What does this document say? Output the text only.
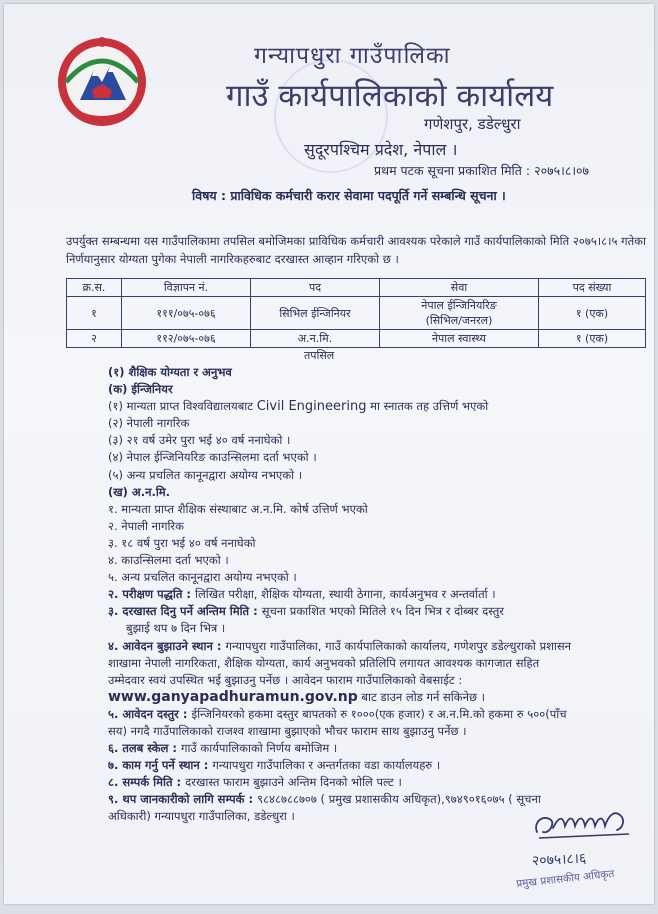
गन्यापधुरा गाउँपालिका
गाउँ कार्यपालिकाको कार्यालय
गणेशपुर, डडेल्धुरा
सुदूरपश्चिम प्रदेश, नेपाल ।
प्रथम पटक सूचना प्रकाशित मिति : २०७५।८।०७
विषय : प्राविधिक कर्मचारी करार सेवामा पदपूर्ति गर्ने सम्बन्धि सूचना ।
उपर्युक्त सम्बन्धमा यस गाउँपालिकामा तपसिल बमोजिमका प्राविधिक कर्मचारी आवश्यक परेकाले गाउँ कार्यपालिकाको मिति २०७५।८।५ गतेका निर्णयानुसार योग्यता पुगेका नेपाली नागरिकहरुबाट दरखास्त आव्हान गरिएको छ ।
क्र.स.	विज्ञापन नं.	पद	सेवा	पद संख्या
१	१११/०७५-०७६	सिभिल ईन्जिनियर	नेपाल ईन्जिनियरिङ
(सिभिल/जनरल)	१ (एक)
२	११२/०७५-०७६	अ.न.मि.	नेपाल स्वास्थ्य	१ (एक)
तपसिल
(१) शैक्षिक योग्यता र अनुभव
(क) ईन्जिनियर
(१) मान्यता प्राप्त विश्वविद्यालयबाट Civil Engineering मा स्नातक तह उत्तिर्ण भएको
(२) नेपाली नागरिक
(३) २१ वर्ष उमेर पुरा भई ४० वर्ष ननाघेको ।
(४) नेपाल ईन्जिनियरिङ काउन्सिलमा दर्ता भएको ।
(५) अन्य प्रचलित कानूनद्वारा अयोग्य नभएको ।
(ख) अ.न.मि.
१. मान्यता प्राप्त शैक्षिक संस्थाबाट अ.न.मि. कोर्ष उत्तिर्ण भएको
२. नेपाली नागरिक
३. १८ वर्ष पुरा भई ४० वर्ष ननाघेको
४. काउन्सिलमा दर्ता भएको ।
५. अन्य प्रचलित कानूनद्वारा अयोग्य नभएको ।
२. परीक्षण पद्धति : लिखित परीक्षा, शैक्षिक योग्यता, स्थायी ठेगाना, कार्यअनुभव र अन्तर्वार्ता ।
३. दरखास्त दिनु पर्ने अन्तिम मिति : सूचना प्रकाशित भएको मितिले १५ दिन भित्र र दोब्बर दस्तुर
बुझाई थप ७ दिन भित्र ।
४. आवेदन बुझाउने स्थान : गन्यापधुरा गाउँपालिका, गाउँ कार्यपालिकाको कार्यालय, गणेशपुर डडेल्धुराको प्रशासन
शाखामा नेपाली नागरिकता, शैक्षिक योग्यता, कार्य अनुभवको प्रतिलिपि लगायत आवश्यक कागजात सहित
उम्मेदवार स्वयं उपस्थित भई बुझाउनु पर्नेछ । आवेदन फाराम गाउँपालिकाको वेबसाईट :
www.ganyapadhuramun.gov.np बाट डाउन लोड गर्न सकिनेछ ।
५. आवेदन दस्तुर : ईन्जिनियरको हकमा दस्तुर बापतको रु १०००(एक हजार) र अ.न.मि.को हकमा रु ५००(पाँच
सय) नगदै गाउँपालिकाको राजश्व शाखामा बुझाएको भौचर फाराम साथ बुझाउनु पर्नेछ ।
६. तलब स्केल : गाउँ कार्यपालिकाको निर्णय बमोजिम ।
७. काम गर्नु पर्ने स्थान : गन्यापधुरा गाउँपालिका र अन्तर्गतका वडा कार्यालयहरु ।
८. सम्पर्क मिति : दरखास्त फाराम बुझाउने अन्तिम दिनको भोलि पल्ट ।
९. थप जानकारीको लागि सम्पर्क : ९८४८७८८७०७ ( प्रमुख प्रशासकीय अधिकृत),९७४९०१६०७५ ( सूचना
अधिकारी) गन्यापधुरा गाउँपालिका, डडेल्धुरा ।
२०७५।८।६
प्रमुख प्रशासकीय अधिकृत
